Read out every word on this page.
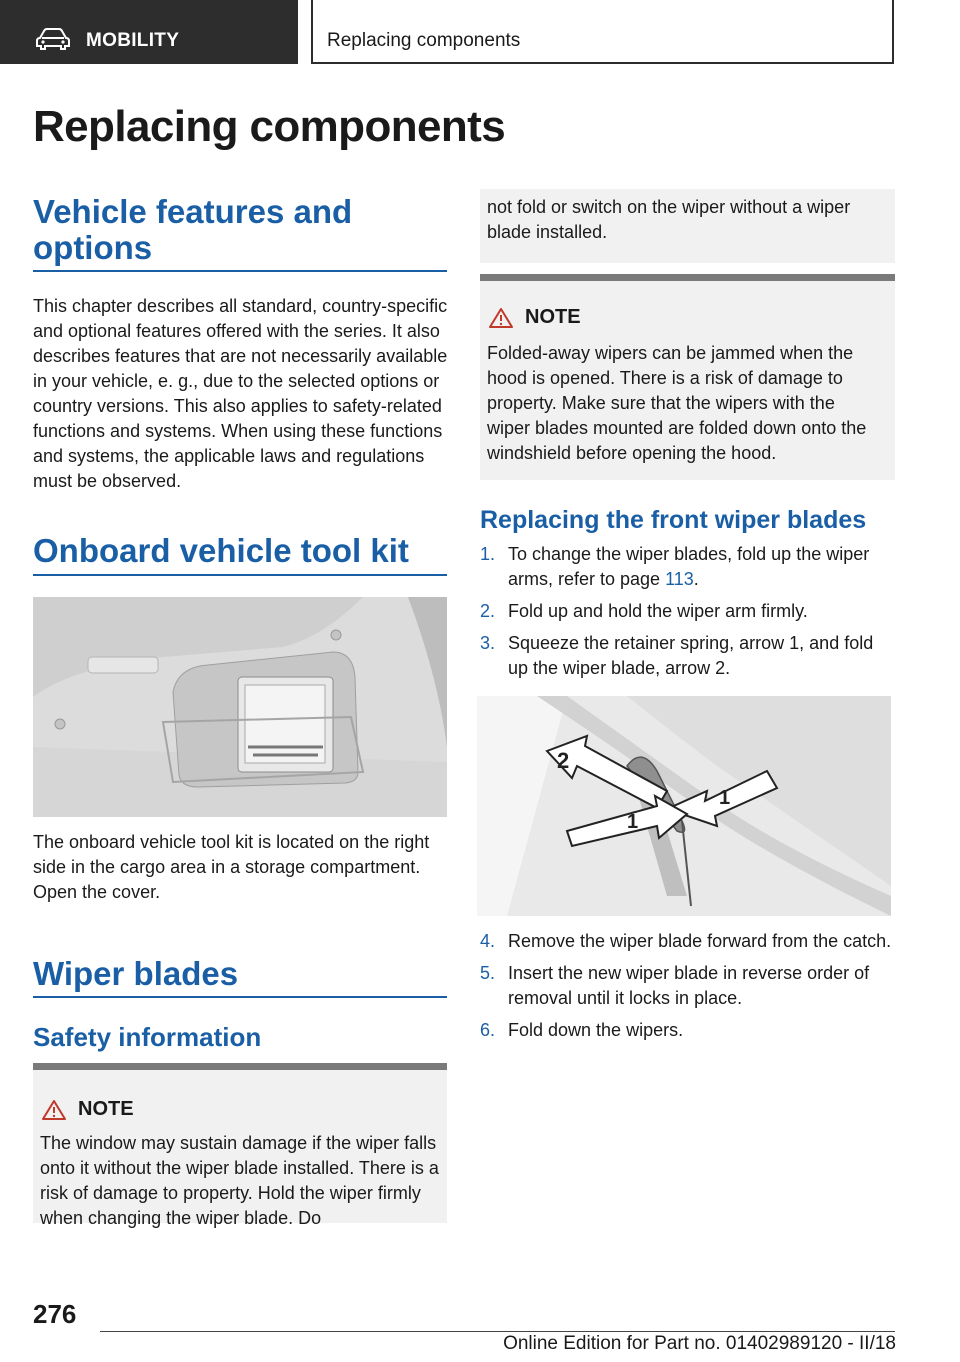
MOBILITY	Replacing components
Replacing components
Vehicle features and options
This chapter describes all standard, country-specific and optional features offered with the series. It also describes features that are not necessarily available in your vehicle, e. g., due to the selected options or country versions. This also applies to safety-related functions and systems. When using these functions and systems, the applicable laws and regulations must be observed.
Onboard vehicle tool kit
The onboard vehicle tool kit is located on the right side in the cargo area in a storage compartment. Open the cover.
Wiper blades
Safety information
NOTE
The window may sustain damage if the wiper falls onto it without the wiper blade installed. There is a risk of damage to property. Hold the wiper firmly when changing the wiper blade. Do
not fold or switch on the wiper without a wiper blade installed.
NOTE
Folded-away wipers can be jammed when the hood is opened. There is a risk of damage to property. Make sure that the wipers with the wiper blades mounted are folded down onto the windshield before opening the hood.
Replacing the front wiper blades
1. To change the wiper blades, fold up the wiper arms, refer to page 113.
2. Fold up and hold the wiper arm firmly.
3. Squeeze the retainer spring, arrow 1, and fold up the wiper blade, arrow 2.
2
1
1
4. Remove the wiper blade forward from the catch.
5. Insert the new wiper blade in reverse order of removal until it locks in place.
6. Fold down the wipers.
276
Online Edition for Part no. 01402989120 - II/18
